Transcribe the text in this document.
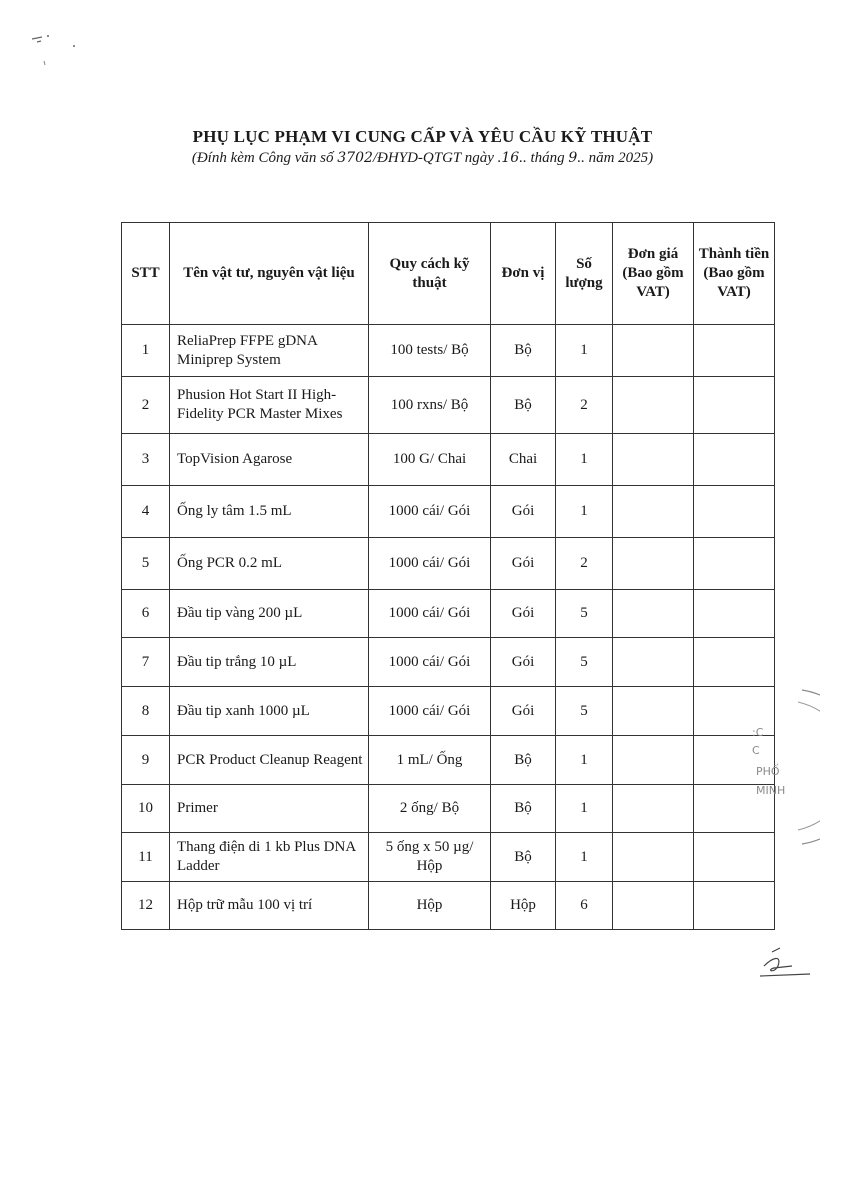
PHỤ LỤC PHẠM VI CUNG CẤP VÀ YÊU CẦU KỸ THUẬT
(Đính kèm Công văn số 3702/ĐHYD-QTGT ngày .16.. tháng 9.. năm 2025)
STT	Tên vật tư, nguyên vật liệu	Quy cách kỹ thuật	Đơn vị	Số lượng	Đơn giá (Bao gồm VAT)	Thành tiền (Bao gồm VAT)
1	ReliaPrep FFPE gDNA Miniprep System	100 tests/ Bộ	Bộ	1		
2	Phusion Hot Start II High-Fidelity PCR Master Mixes	100 rxns/ Bộ	Bộ	2		
3	TopVision Agarose	100 G/ Chai	Chai	1		
4	Ống ly tâm 1.5 mL	1000 cái/ Gói	Gói	1		
5	Ống PCR 0.2 mL	1000 cái/ Gói	Gói	2		
6	Đầu tip vàng 200 µL	1000 cái/ Gói	Gói	5		
7	Đầu tip trắng 10 µL	1000 cái/ Gói	Gói	5		
8	Đầu tip xanh 1000 µL	1000 cái/ Gói	Gói	5		
9	PCR Product Cleanup Reagent	1 mL/ Ống	Bộ	1		
10	Primer	2 ống/ Bộ	Bộ	1		
11	Thang điện di 1 kb Plus DNA Ladder	5 ống x 50 µg/ Hộp	Bộ	1		
12	Hộp trữ mẫu 100 vị trí	Hộp	Hộp	6		
:C
C
PHỐ
MINH
